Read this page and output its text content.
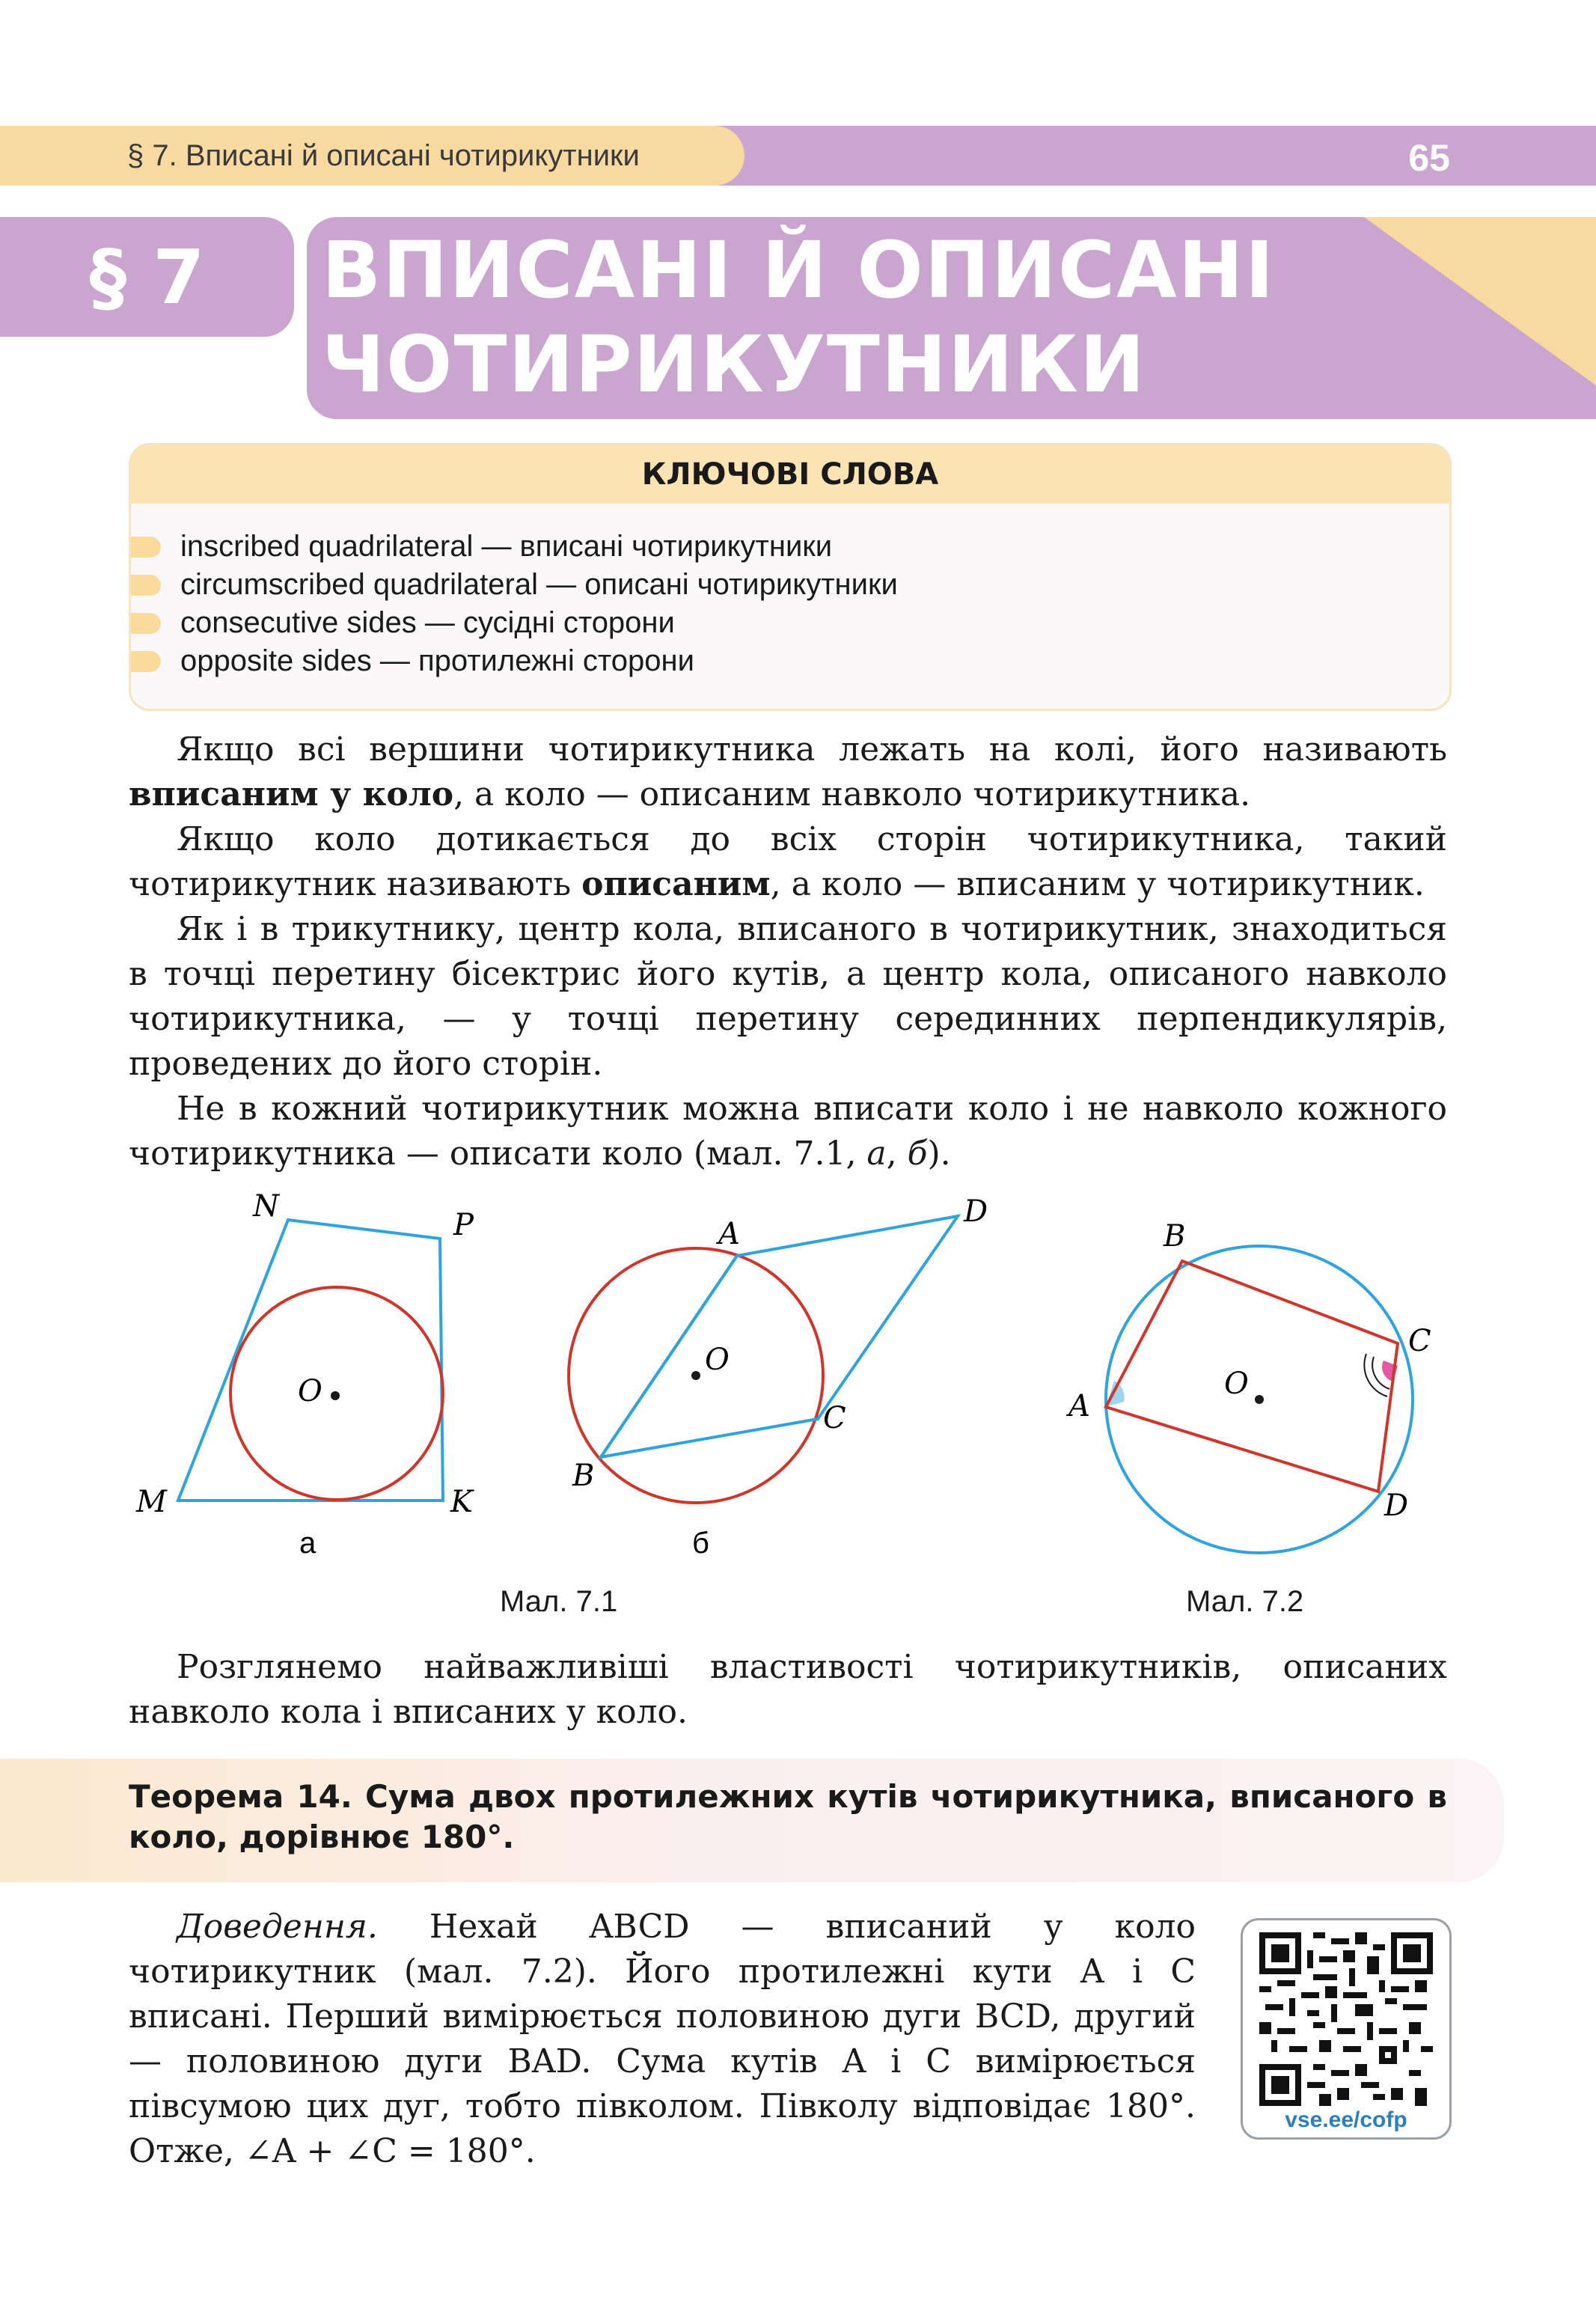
§ 7. Вписані й описані чотирикутники	65
§ 7 ВПИСАНІ Й ОПИСАНІ ЧОТИРИКУТНИКИ
КЛЮЧОВІ СЛОВА
inscribed quadrilateral — вписані чотирикутники
circumscribed quadrilateral — описані чотирикутники
consecutive sides — сусідні сторони
opposite sides — протилежні сторони

Якщо всі вершини чотирикутника лежать на колі, його називають вписаним у коло, а коло — описаним навколо чотирикутника.

Якщо коло дотикається до всіх сторін чотирикутника, такий чотирикутник називають описаним, а коло — вписаним у чотирикутник.

Як і в трикутнику, центр кола, вписаного в чотирикутник, знаходиться в точці перетину бісектрис його кутів, а центр кола, описаного навколо чотирикутника, — у точці перетину серединних перпендикулярів, проведених до його сторін.

Не в кожний чотирикутник можна вписати коло і не навколо кожного чотирикутника — описати коло (мал. 7.1, а, б).

N
P
M	K
O
а
A
D
B
C
O
б
B
C
D
A
O
Мал. 7.1	Мал. 7.2

Розглянемо найважливіші властивості чотирикутників, описаних навколо кола і вписаних у коло.

Теорема 14. Сума двох протилежних кутів чотирикутника, вписаного в коло, дорівнює 180°.

Доведення. Нехай ABCD — вписаний у коло чотирикутник (мал. 7.2). Його протилежні кути A і C вписані. Перший вимірюється половиною дуги BCD, другий — половиною дуги BAD. Сума кутів A і C вимірюється півсумою цих дуг, тобто півколом. Півколу відповідає 180°. Отже, ∠A + ∠C = 180°.

vse.ee/cofp
